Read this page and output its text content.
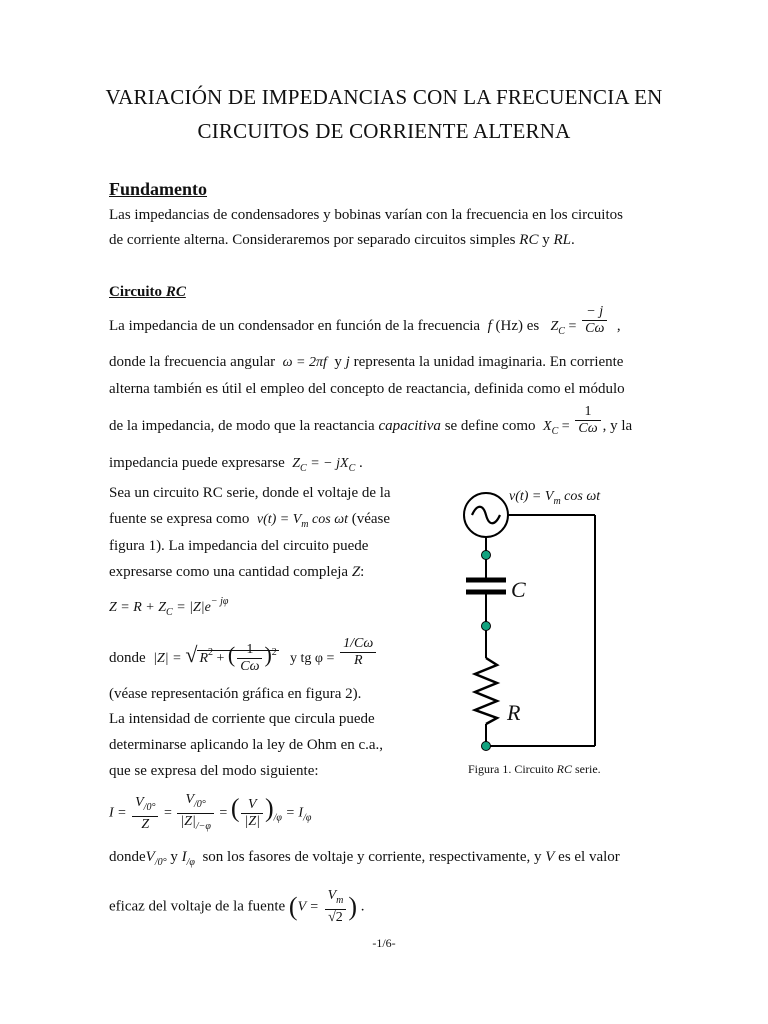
VARIACIÓN DE IMPEDANCIAS CON LA FRECUENCIA EN
CIRCUITOS DE CORRIENTE ALTERNA
Fundamento
Las impedancias de condensadores y bobinas varían con la frecuencia en los circuitos
de corriente alterna. Consideraremos por separado circuitos simples RC y RL.
Circuito RC
La impedancia de un condensador en función de la frecuencia f (Hz) es $Z_C = \frac{- j}{C\omega}$ ,
donde la frecuencia angular ω = 2πf y j representa la unidad imaginaria. En corriente
alterna también es útil el empleo del concepto de reactancia, definida como el módulo
de la impedancia, de modo que la reactancia capacitiva se define como $X_C = \frac{1}{C\omega}$ , y la
impedancia puede expresarse $Z_C$ = − $jX_C$ .
Sea un circuito RC serie, donde el voltaje de la
fuente se expresa como $v(t) = V_m$ cos ωt (véase
figura 1). La impedancia del circuito puede
expresarse como una cantidad compleja Z:
$Z = R + Z_C = |Z|e^{- j\varphi}$
donde |Z| = √ $R^2$ + ( $\frac{1}{C\omega} )^2$ y tg $\varphi = \frac{1/C\omega}{R}$
(véase representación gráfica en figura 2).
La intensidad de corriente que circula puede
determinarse aplicando la ley de Ohm en c.a.,
que se expresa del modo siguiente:
$I = \frac{V_{/0^\circ}}{Z} = \frac{V_{/0^\circ}}{|Z|_{/-\varphi}}$ = ( $\frac{V}{|Z|} )_{/\varphi} = I_{/\varphi}$
dondeV$_{/0^\circ}$ y $I_{/\varphi}$ son los fasores de voltaje y corriente, respectivamente, y V es el valor
eficaz del voltaje de la fuente ($V = \frac{V_m}{√2}$ ) .
$v(t) = V_m$ cos ωt
C
R
Figura 1. Circuito RC serie.
-1/6-
